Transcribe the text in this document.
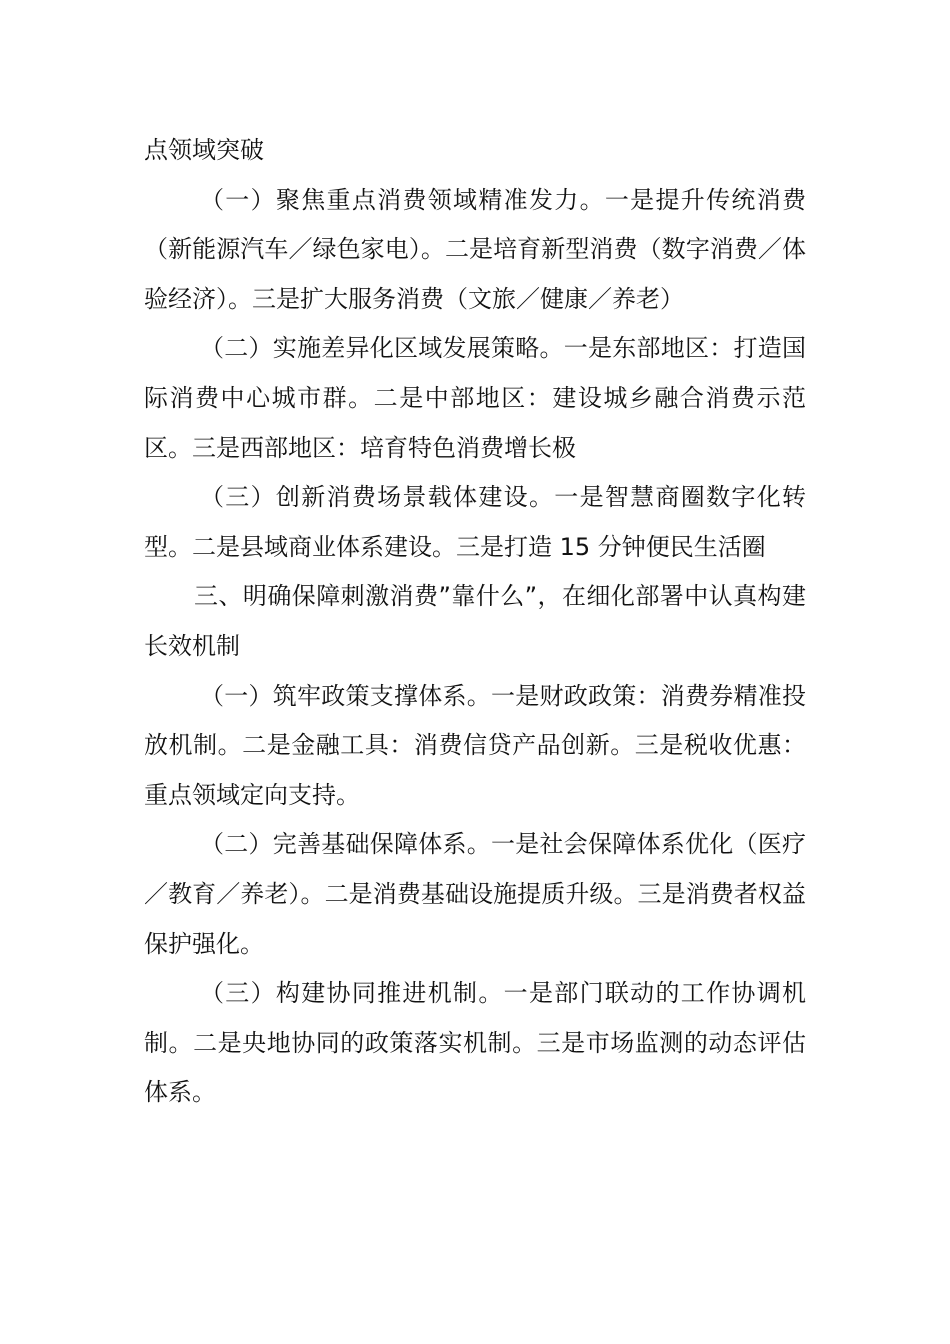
点领域突破

（一）聚焦重点消费领域精准发力。一是提升传统消费（新能源汽车／绿色家电）。二是培育新型消费（数字消费／体验经济）。三是扩大服务消费（文旅／健康／养老）

（二）实施差异化区域发展策略。一是东部地区：打造国际消费中心城市群。二是中部地区：建设城乡融合消费示范区。三是西部地区：培育特色消费增长极

（三）创新消费场景载体建设。一是智慧商圈数字化转型。二是县域商业体系建设。三是打造 15 分钟便民生活圈

三、明确保障刺激消费”靠什么”，在细化部署中认真构建长效机制

（一）筑牢政策支撑体系。一是财政政策：消费券精准投放机制。二是金融工具：消费信贷产品创新。三是税收优惠：重点领域定向支持。

（二）完善基础保障体系。一是社会保障体系优化（医疗／教育／养老）。二是消费基础设施提质升级。三是消费者权益保护强化。

（三）构建协同推进机制。一是部门联动的工作协调机制。二是央地协同的政策落实机制。三是市场监测的动态评估体系。
